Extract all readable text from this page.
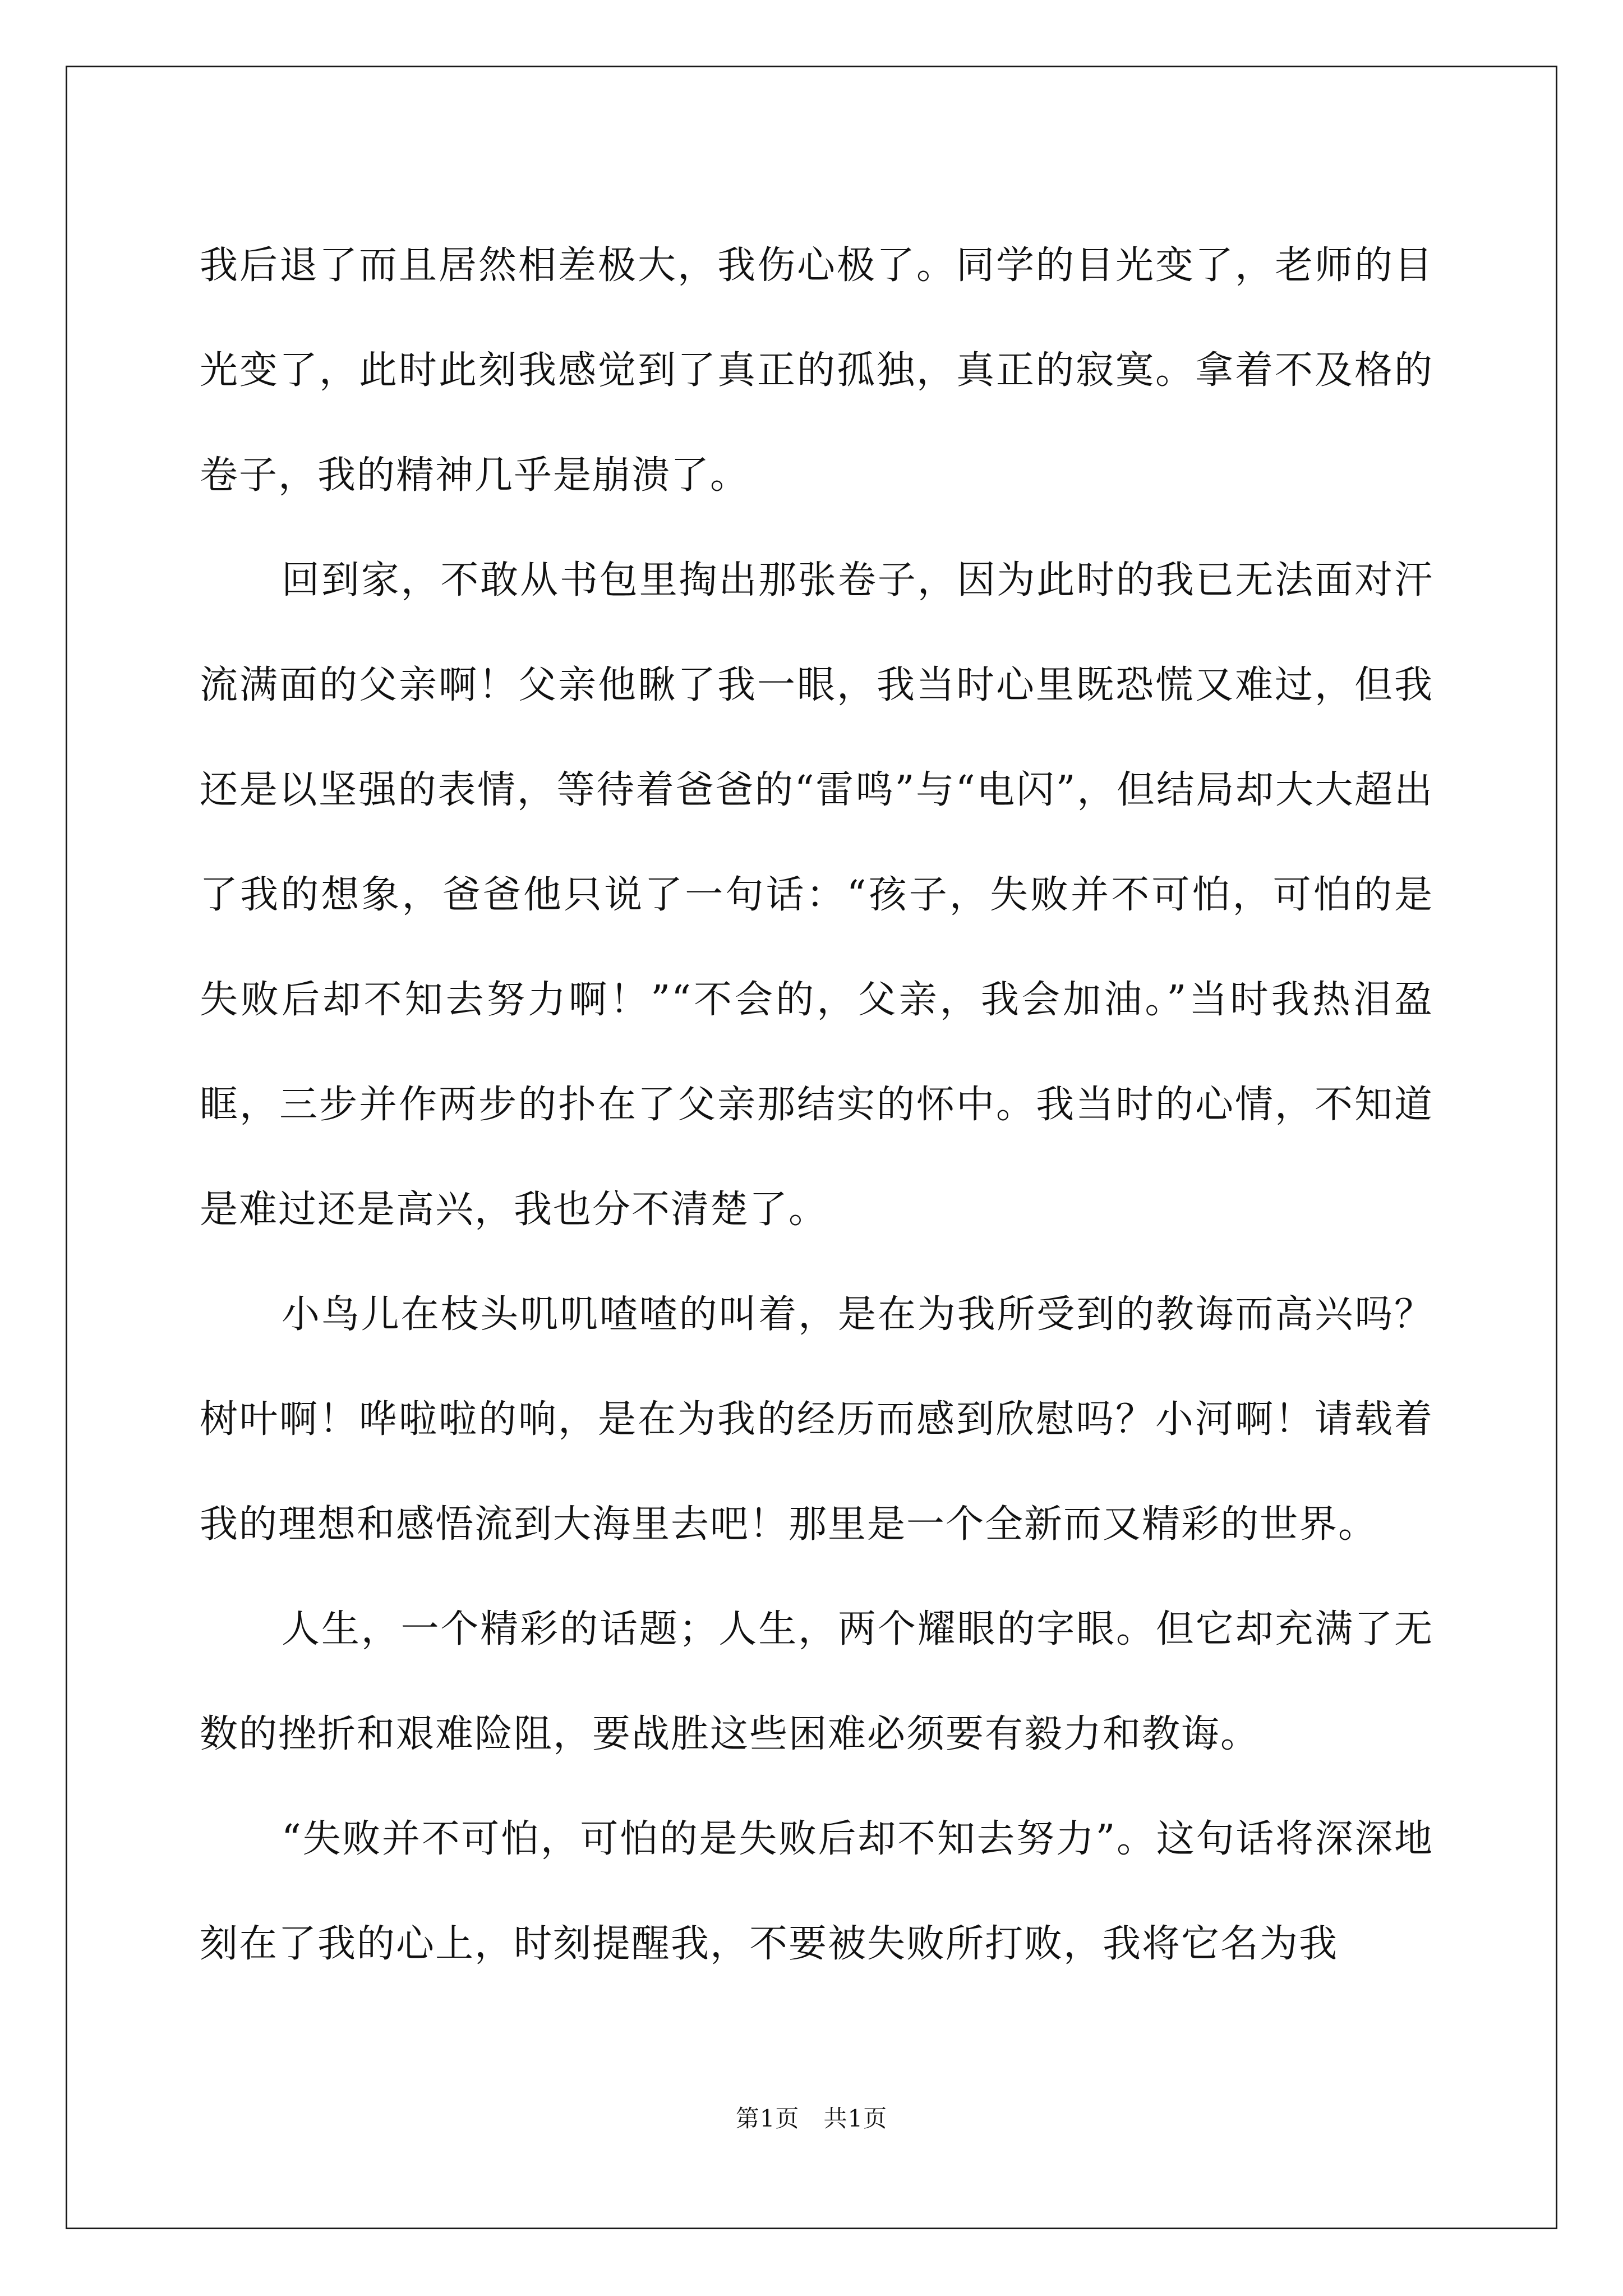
我后退了而且居然相差极大，我伤心极了。同学的目光变了，老师的目光变了，此时此刻我感觉到了真正的孤独，真正的寂寞。拿着不及格的卷子，我的精神几乎是崩溃了。

回到家，不敢从书包里掏出那张卷子，因为此时的我已无法面对汗流满面的父亲啊！父亲他瞅了我一眼，我当时心里既恐慌又难过，但我还是以坚强的表情，等待着爸爸的“雷鸣”与“电闪”，但结局却大大超出了我的想象，爸爸他只说了一句话：“孩子，失败并不可怕，可怕的是失败后却不知去努力啊！”“不会的，父亲，我会加油。”当时我热泪盈眶，三步并作两步的扑在了父亲那结实的怀中。我当时的心情，不知道是难过还是高兴，我也分不清楚了。

小鸟儿在枝头叽叽喳喳的叫着，是在为我所受到的教诲而高兴吗？树叶啊！哗啦啦的响，是在为我的经历而感到欣慰吗？小河啊！请载着我的理想和感悟流到大海里去吧！那里是一个全新而又精彩的世界。

人生，一个精彩的话题；人生，两个耀眼的字眼。但它却充满了无数的挫折和艰难险阻，要战胜这些困难必须要有毅力和教诲。

“失败并不可怕，可怕的是失败后却不知去努力”。这句话将深深地刻在了我的心上，时刻提醒我，不要被失败所打败，我将它名为我

第1页   共1页
